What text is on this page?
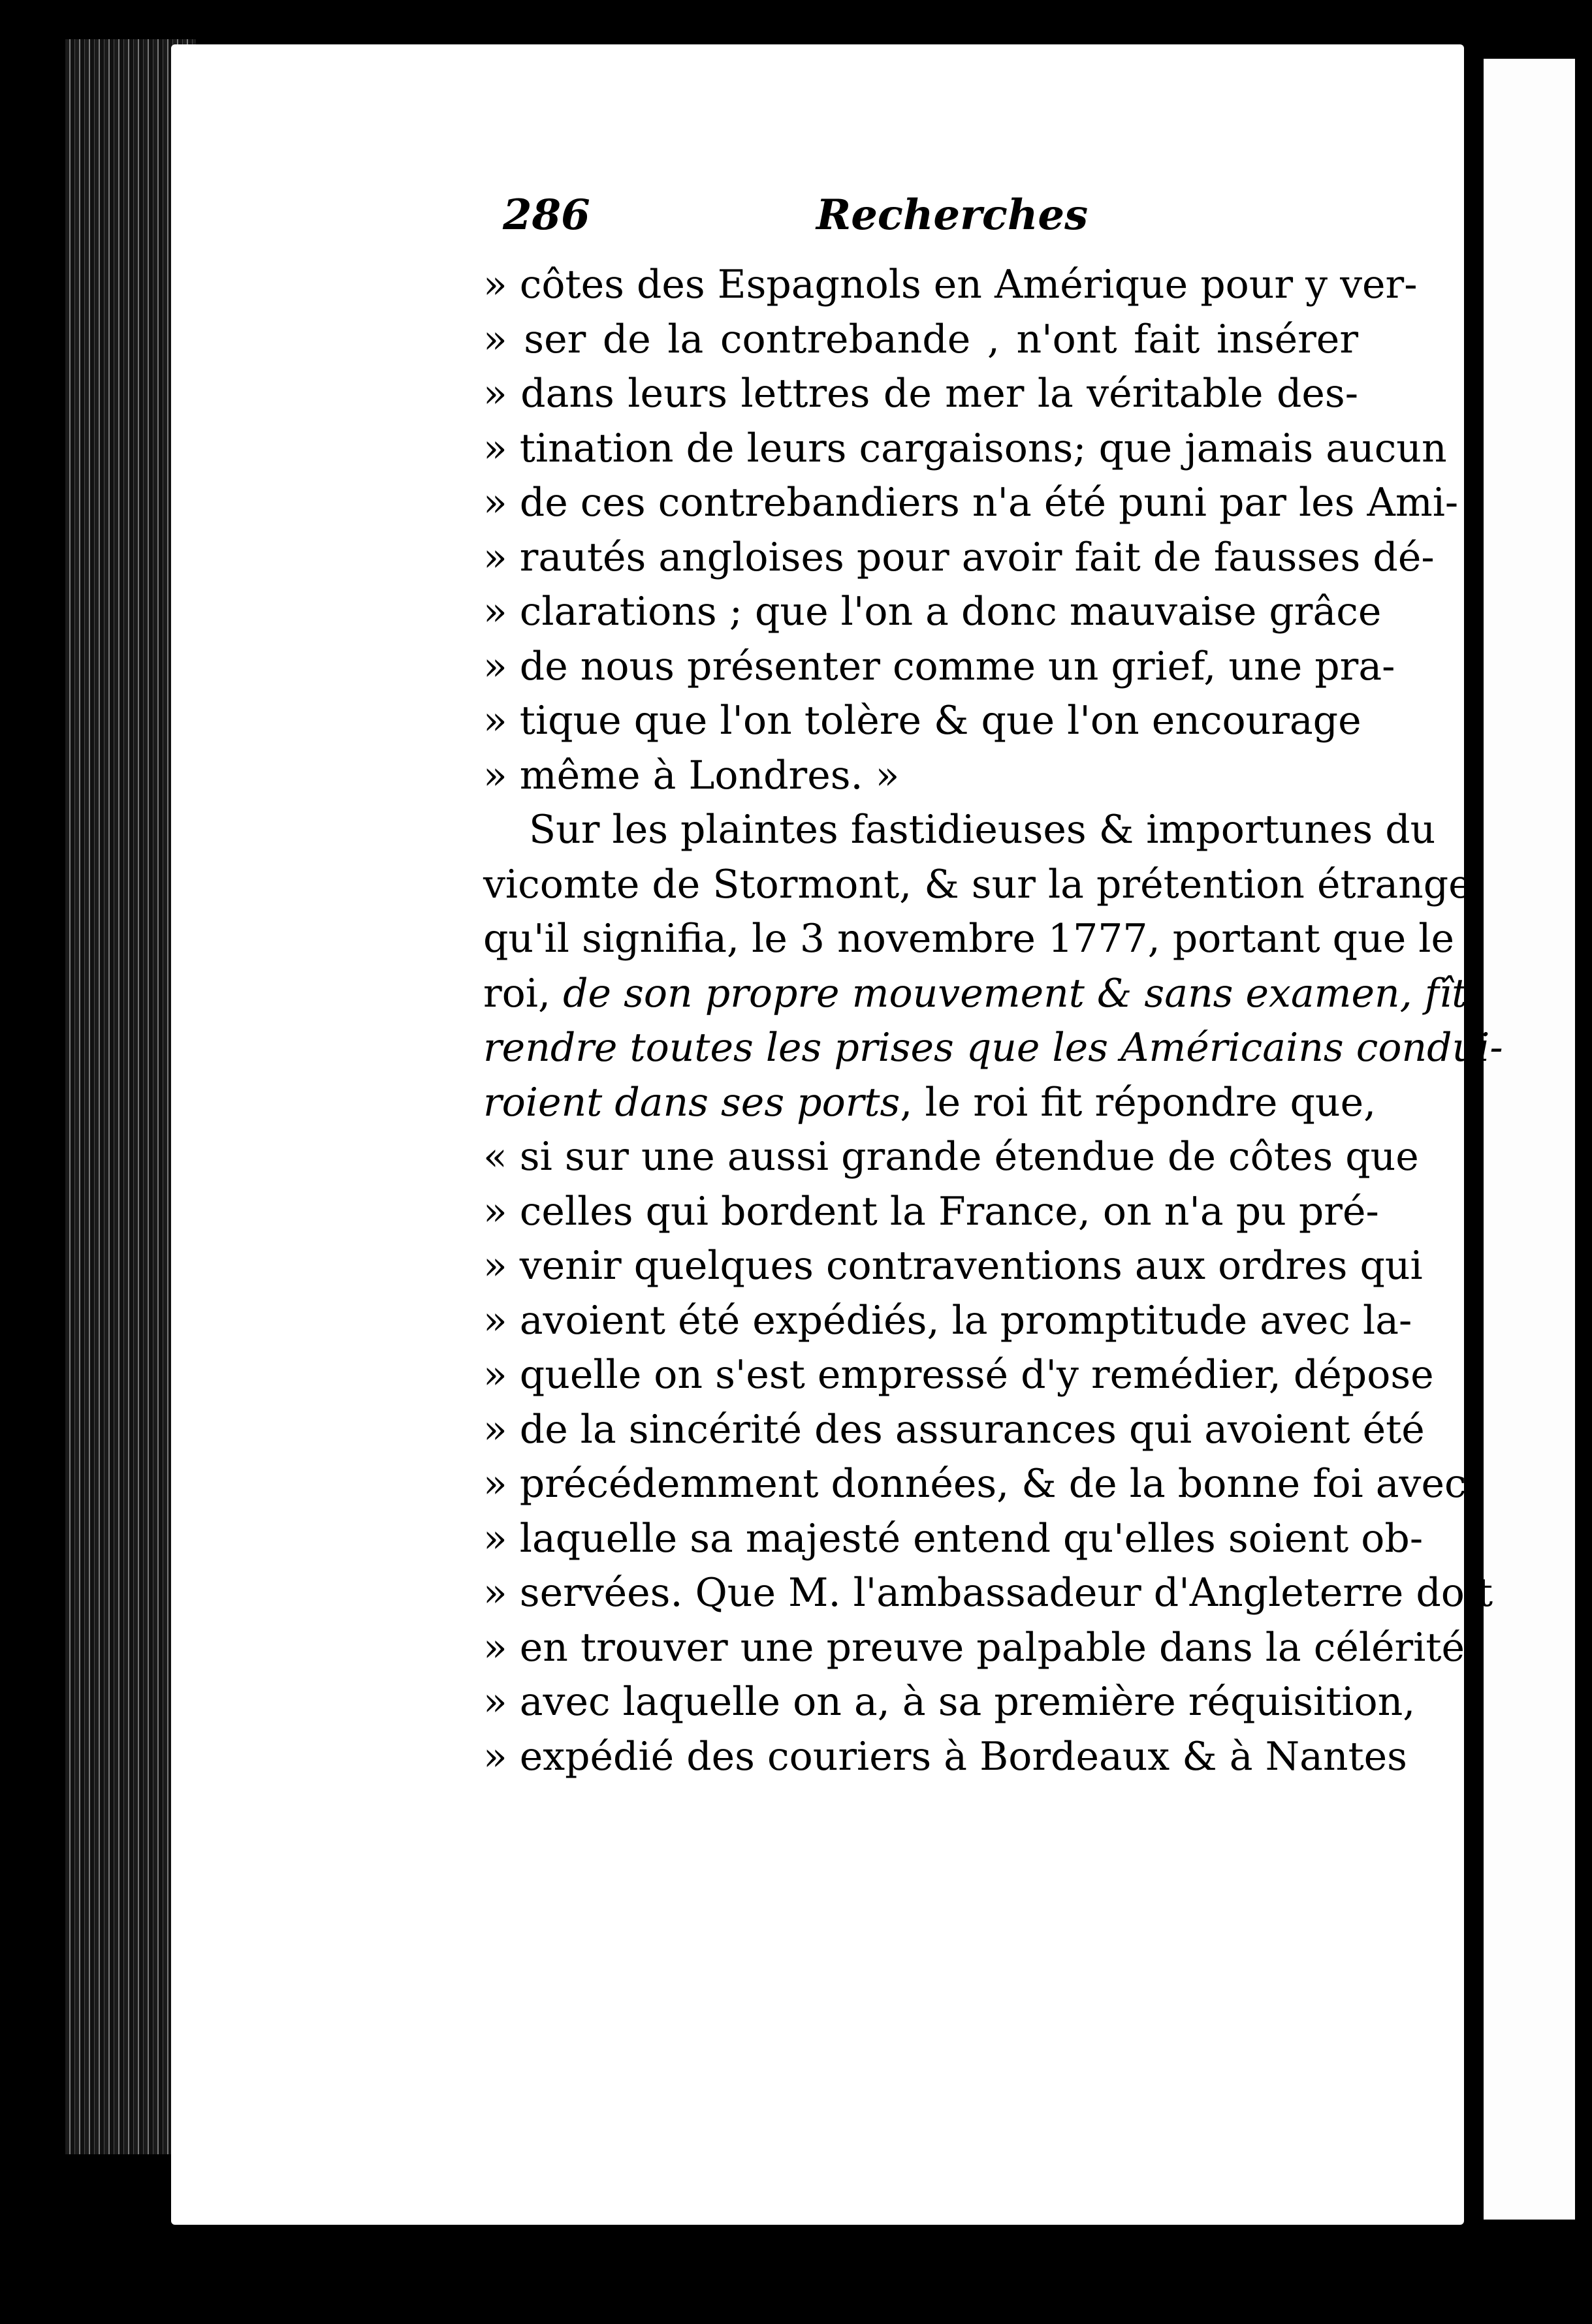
286	Recherches
» côtes des Espagnols en Amérique pour y ver-
» ser de la contrebande , n'ont fait insérer
» dans leurs lettres de mer la véritable des-
» tination de leurs cargaisons; que jamais aucun
» de ces contrebandiers n'a été puni par les Ami-
» rautés angloises pour avoir fait de fausses dé-
» clarations ; que l'on a donc mauvaise grâce
» de nous présenter comme un grief, une pra-
» tique que l'on tolère & que l'on encourage
» même à Londres. »
Sur les plaintes fastidieuses & importunes du
vicomte de Stormont, & sur la prétention étrange
qu'il signifia, le 3 novembre 1777, portant que le
roi, de son propre mouvement & sans examen, fît
rendre toutes les prises que les Américains condui-
roient dans ses ports, le roi fit répondre que,
« si sur une aussi grande étendue de côtes que
» celles qui bordent la France, on n'a pu pré-
» venir quelques contraventions aux ordres qui
» avoient été expédiés, la promptitude avec la-
» quelle on s'est empressé d'y remédier, dépose
» de la sincérité des assurances qui avoient été
» précédemment données, & de la bonne foi avec
» laquelle sa majesté entend qu'elles soient ob-
» servées. Que M. l'ambassadeur d'Angleterre doit
» en trouver une preuve palpable dans la célérité
» avec laquelle on a, à sa première réquisition,
» expédié des couriers à Bordeaux & à Nantes
